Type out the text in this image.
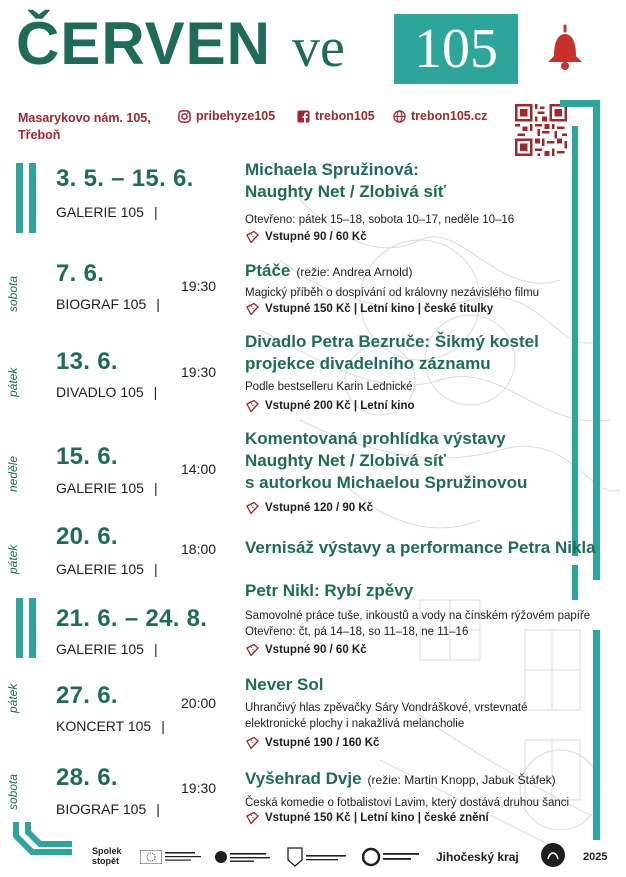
ČERVEN ve 105
Masarykovo nám. 105,
Třeboň
pribehyze105	trebon105	trebon105.cz
3. 5. – 15. 6.
GALERIE 105 |
Michaela Spružinová:
Naughty Net / Zlobivá síť
Otevřeno: pátek 15–18, sobota 10–17, neděle 10–16
Vstupné 90 / 60 Kč
sobota
7. 6.
BIOGRAF 105 |
19:30
Ptáče (režie: Andrea Arnold)
Magický příběh o dospívání od královny nezávislého filmu
Vstupné 150 Kč | Letní kino | české titulky
pátek
13. 6.
DIVADLO 105 |
19:30
Divadlo Petra Bezruče: Šikmý kostel
projekce divadelního záznamu
Podle bestselleru Karin Lednické
Vstupné 200 Kč | Letní kino
neděle 15. 6.
GALERIE 105 |
14:00
Komentovaná prohlídka výstavy
Naughty Net / Zlobivá síť
s autorkou Michaelou Spružinovou
Vstupné 120 / 90 Kč
pátek
20. 6.
GALERIE 105 |
18:00 Vernisáž výstavy a performance Petra Nikla
21. 6. – 24. 8.
GALERIE 105 |
Petr Nikl: Rybí zpěvy
Samovolné práce tuše, inkoustů a vody na čínském rýžovém papíře
Otevřeno: čt, pá 14–18, so 11–18, ne 11–16
Vstupné 90 / 60 Kč
pátek 27. 6.
KONCERT 105 |
20:00
Never Sol
Uhrančivý hlas zpěvačky Sáry Vondráškové, vrstevnaté
elektronické plochy i nakažlivá melancholie
Vstupné 190 / 160 Kč
sobota 28. 6.
BIOGRAF 105 |
19:30 Vyšehrad Dvje (režie: Martin Knopp, Jabuk Štáfek)
Česká komedie o fotbalistovi Lavim, který dostává druhou šanci
Vstupné 150 Kč | Letní kino | české znění
Spolek
stopět	Jihočeský kraj	2025
